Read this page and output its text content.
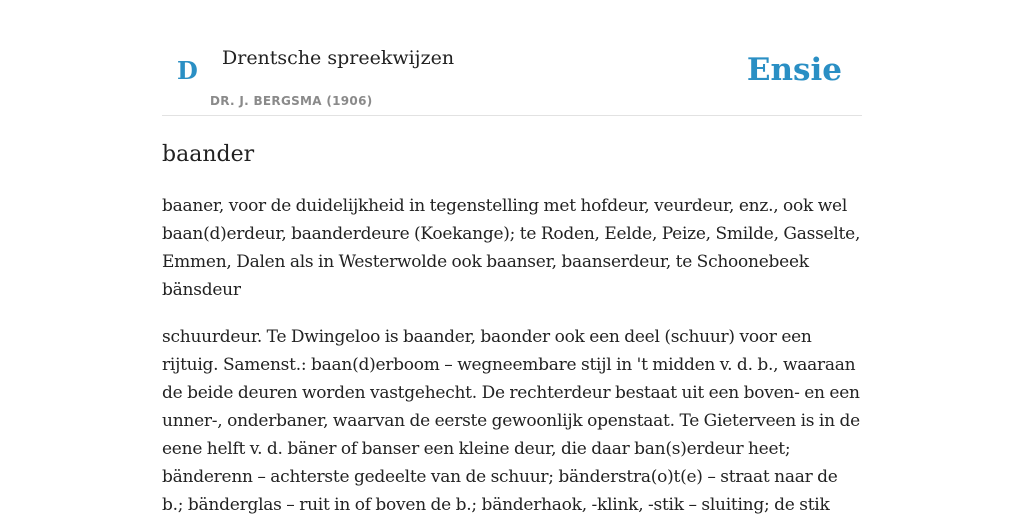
D Drentsche spreekwijzen
DR. J. BERGSMA (1906)
Ensie
baander

baaner, voor de duidelijkheid in tegenstelling met hofdeur, veurdeur, enz., ook wel baan(d)erdeur, baanderdeure (Koekange); te Roden, Eelde, Peize, Smilde, Gasselte, Emmen, Dalen als in Westerwolde ook baanser, baanserdeur, te Schoonebeek bänsdeur

schuurdeur. Te Dwingeloo is baander, baonder ook een deel (schuur) voor een rijtuig. Samenst.: baan(d)erboom – wegneembare stijl in 't midden v. d. b., waaraan de beide deuren worden vastgehecht. De rechterdeur bestaat uit een boven- en een unner-, onderbaner, waarvan de eerste gewoonlijk openstaat. Te Gieterveen is in de eene helft v. d. bäner of banser een kleine deur, die daar ban(s)erdeur heet; bänderenn – achterste gedeelte van de schuur; bänderstra(o)t(e) – straat naar de b.; bänderglas – ruit in of boven de b.; bänderhaok, -klink, -stik – sluiting; de stik
